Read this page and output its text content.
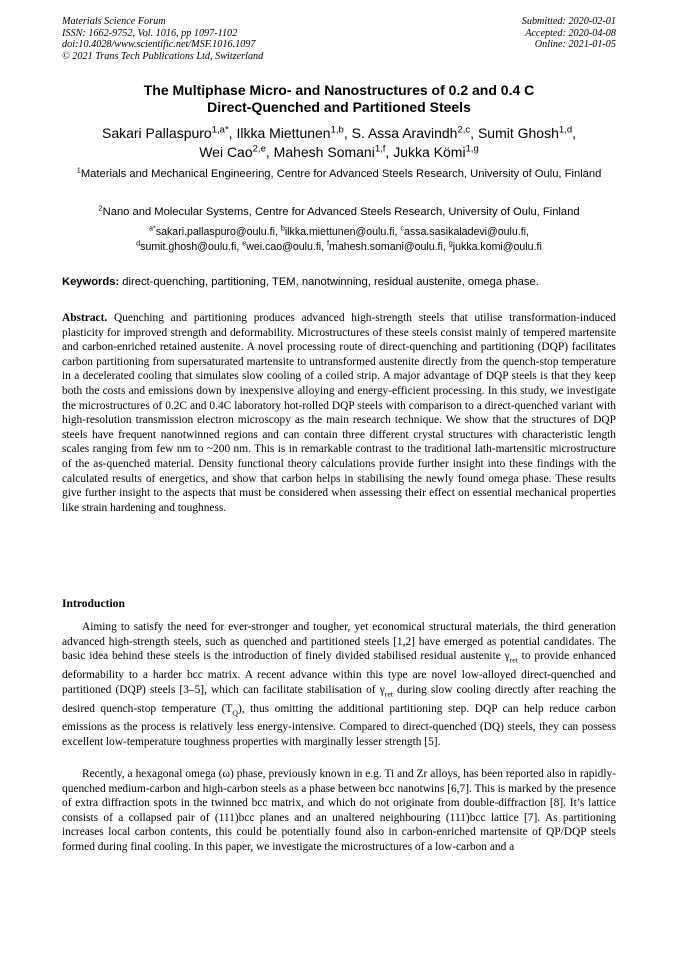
Materials Science Forum
ISSN: 1662-9752, Vol. 1016, pp 1097-1102
doi:10.4028/www.scientific.net/MSF.1016.1097
© 2021 Trans Tech Publications Ltd, Switzerland
Submitted: 2020-02-01
Accepted: 2020-04-08
Online: 2021-01-05
The Multiphase Micro- and Nanostructures of 0.2 and 0.4 C
Direct-Quenched and Partitioned Steels
Sakari Pallaspuro$^{1,a*}$, Ilkka Miettunen$^{1,b}$, S. Assa Aravindh$^{2,c}$, Sumit Ghosh$^{1,d}$,
Wei Cao$^{2,e}$, Mahesh Somani$^{1,f}$, Jukka Kömi$^{1,g}$
$^1$Materials and Mechanical Engineering, Centre for Advanced Steels Research, University of Oulu, Finland
$^2$Nano and Molecular Systems, Centre for Advanced Steels Research, University of Oulu, Finland
$^{a*}$sakari.pallaspuro@oulu.fi, $^b$ilkka.miettunen@oulu.fi, $^c$assa.sasikaladevi@oulu.fi,
$^d$sumit.ghosh@oulu.fi, $^e$wei.cao@oulu.fi, $^f$mahesh.somani@oulu.fi, $^g$jukka.komi@oulu.fi
Keywords: direct-quenching, partitioning, TEM, nanotwinning, residual austenite, omega phase.
Abstract. Quenching and partitioning produces advanced high-strength steels that utilise transformation-induced plasticity for improved strength and deformability. Microstructures of these steels consist mainly of tempered martensite and carbon-enriched retained austenite. A novel processing route of direct-quenching and partitioning (DQP) facilitates carbon partitioning from supersaturated martensite to untransformed austenite directly from the quench-stop temperature in a decelerated cooling that simulates slow cooling of a coiled strip. A major advantage of DQP steels is that they keep both the costs and emissions down by inexpensive alloying and energy-efficient processing. In this study, we investigate the microstructures of 0.2C and 0.4C laboratory hot-rolled DQP steels with comparison to a direct-quenched variant with high-resolution transmission electron microscopy as the main research technique. We show that the structures of DQP steels have frequent nanotwinned regions and can contain three different crystal structures with characteristic length scales ranging from few nm to ~200 nm. This is in remarkable contrast to the traditional lath-martensitic microstructure of the as-quenched material. Density functional theory calculations provide further insight into these findings with the calculated results of energetics, and show that carbon helps in stabilising the newly found omega phase. These results give further insight to the aspects that must be considered when assessing their effect on essential mechanical properties like strain hardening and toughness.
Introduction
Aiming to satisfy the need for ever-stronger and tougher, yet economical structural materials, the third generation advanced high-strength steels, such as quenched and partitioned steels [1,2] have emerged as potential candidates. The basic idea behind these steels is the introduction of finely divided stabilised residual austenite $\gamma_{ret}$ to provide enhanced deformability to a harder bcc matrix. A recent advance within this type are novel low-alloyed direct-quenched and partitioned (DQP) steels [3–5], which can facilitate stabilisation of $\gamma_{ret}$ during slow cooling directly after reaching the desired quench-stop temperature $(T_Q)$, thus omitting the additional partitioning step. DQP can help reduce carbon emissions as the process is relatively less energy-intensive. Compared to direct-quenched (DQ) steels, they can possess excellent low-temperature toughness properties with marginally lesser strength [5].
Recently, a hexagonal omega (ω) phase, previously known in e.g. Ti and Zr alloys, has been reported also in rapidly-quenched medium-carbon and high-carbon steels as a phase between bcc nanotwins [6,7]. This is marked by the presence of extra diffraction spots in the twinned bcc matrix, and which do not originate from double-diffraction [8]. It’s lattice consists of a collapsed pair of (111)bcc planes and an unaltered neighbouring (111)bcc lattice [7]. As partitioning increases local carbon contents, this could be potentially found also in carbon-enriched martensite of QP/DQP steels formed during final cooling. In this paper, we investigate the microstructures of a low-carbon and a
